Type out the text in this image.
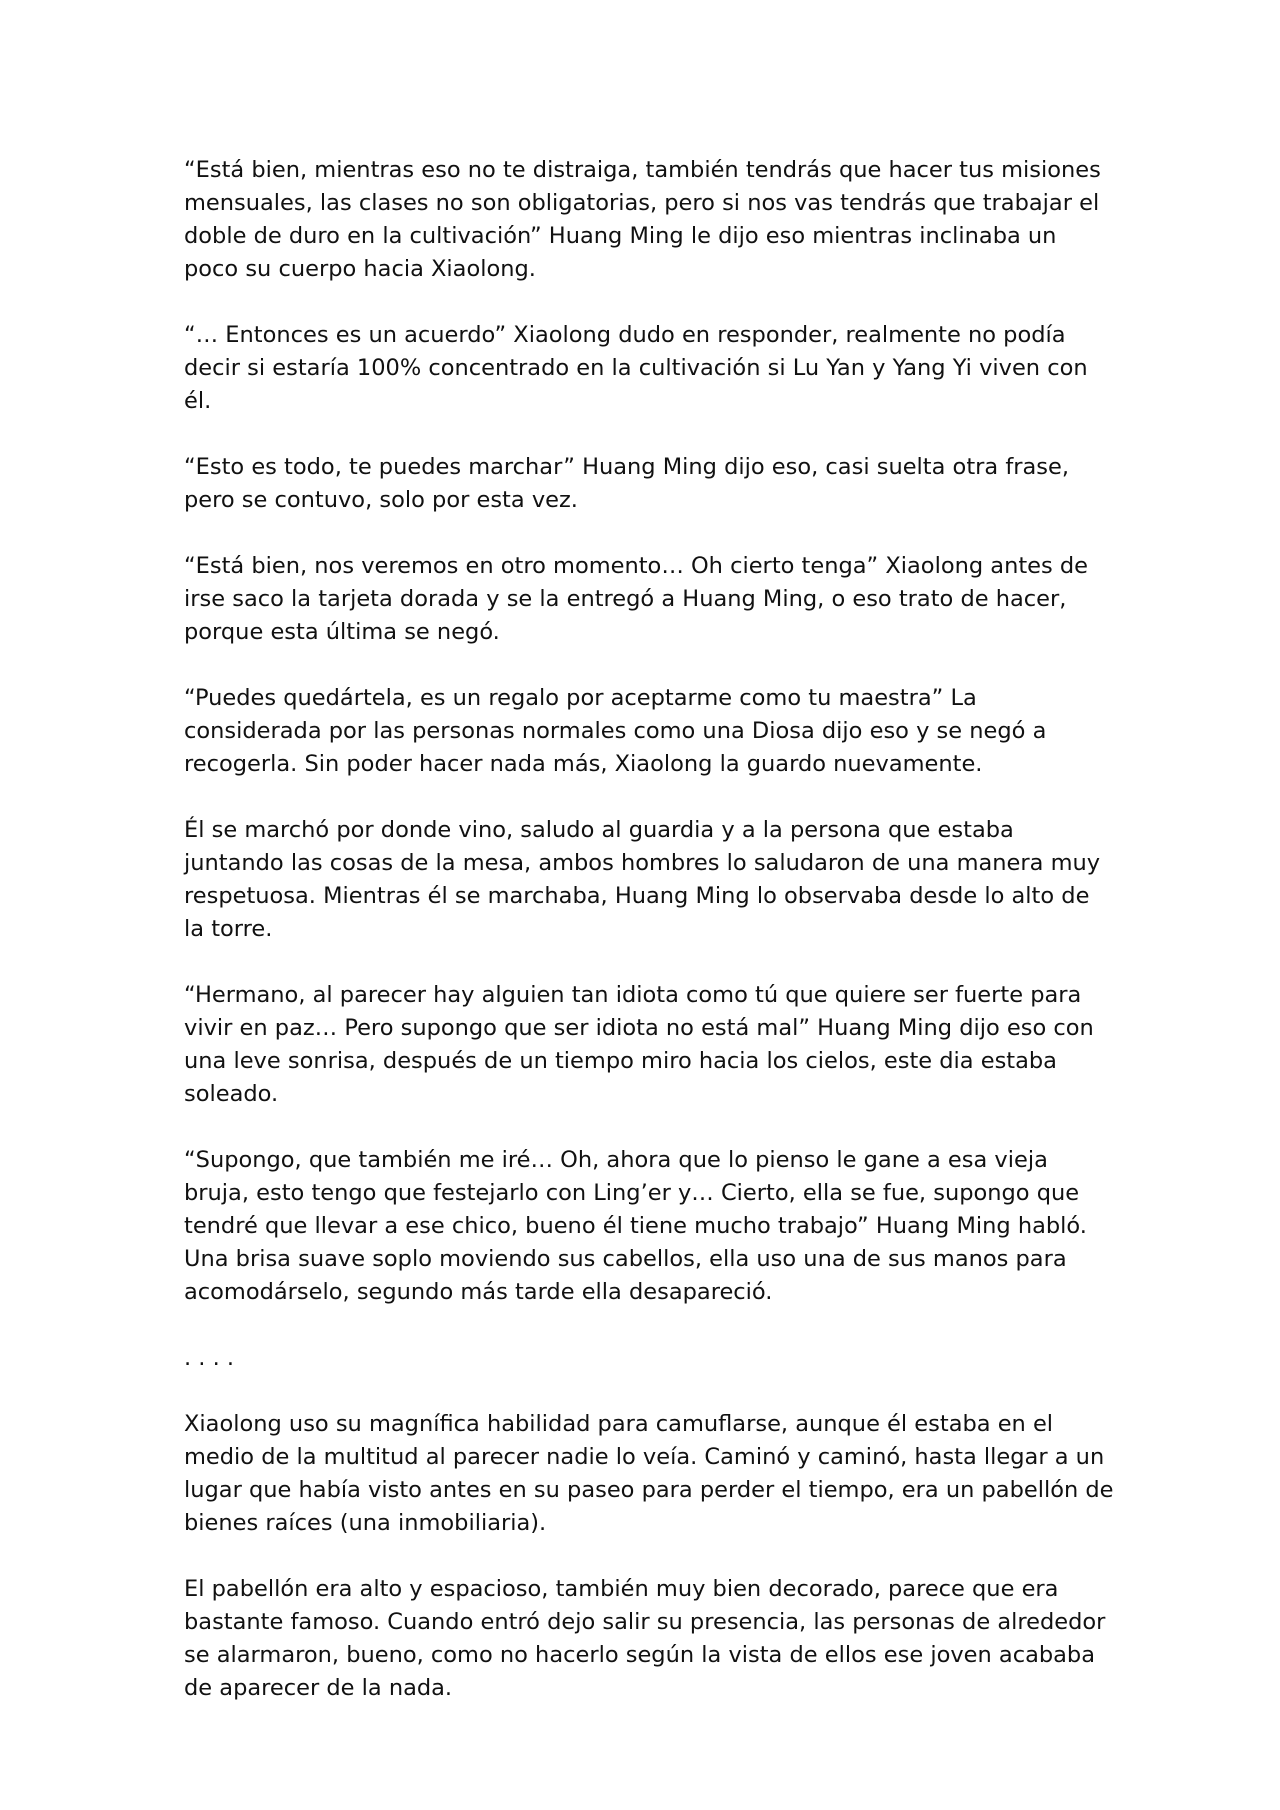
“Está bien, mientras eso no te distraiga, también tendrás que hacer tus misiones mensuales, las clases no son obligatorias, pero si nos vas tendrás que trabajar el doble de duro en la cultivación” Huang Ming le dijo eso mientras inclinaba un poco su cuerpo hacia Xiaolong.

“… Entonces es un acuerdo” Xiaolong dudo en responder, realmente no podía decir si estaría 100% concentrado en la cultivación si Lu Yan y Yang Yi viven con él.

“Esto es todo, te puedes marchar” Huang Ming dijo eso, casi suelta otra frase, pero se contuvo, solo por esta vez.

“Está bien, nos veremos en otro momento… Oh cierto tenga” Xiaolong antes de irse saco la tarjeta dorada y se la entregó a Huang Ming, o eso trato de hacer, porque esta última se negó.

“Puedes quedártela, es un regalo por aceptarme como tu maestra” La considerada por las personas normales como una Diosa dijo eso y se negó a recogerla. Sin poder hacer nada más, Xiaolong la guardo nuevamente.

Él se marchó por donde vino, saludo al guardia y a la persona que estaba juntando las cosas de la mesa, ambos hombres lo saludaron de una manera muy respetuosa. Mientras él se marchaba, Huang Ming lo observaba desde lo alto de la torre.

“Hermano, al parecer hay alguien tan idiota como tú que quiere ser fuerte para vivir en paz… Pero supongo que ser idiota no está mal” Huang Ming dijo eso con una leve sonrisa, después de un tiempo miro hacia los cielos, este dia estaba soleado.

“Supongo, que también me iré… Oh, ahora que lo pienso le gane a esa vieja bruja, esto tengo que festejarlo con Ling’er y… Cierto, ella se fue, supongo que tendré que llevar a ese chico, bueno él tiene mucho trabajo” Huang Ming habló. Una brisa suave soplo moviendo sus cabellos, ella uso una de sus manos para acomodárselo, segundo más tarde ella desapareció.

. . . .

Xiaolong uso su magnífica habilidad para camuflarse, aunque él estaba en el medio de la multitud al parecer nadie lo veía. Caminó y caminó, hasta llegar a un lugar que había visto antes en su paseo para perder el tiempo, era un pabellón de bienes raíces (una inmobiliaria).

El pabellón era alto y espacioso, también muy bien decorado, parece que era bastante famoso. Cuando entró dejo salir su presencia, las personas de alrededor se alarmaron, bueno, como no hacerlo según la vista de ellos ese joven acababa de aparecer de la nada.
